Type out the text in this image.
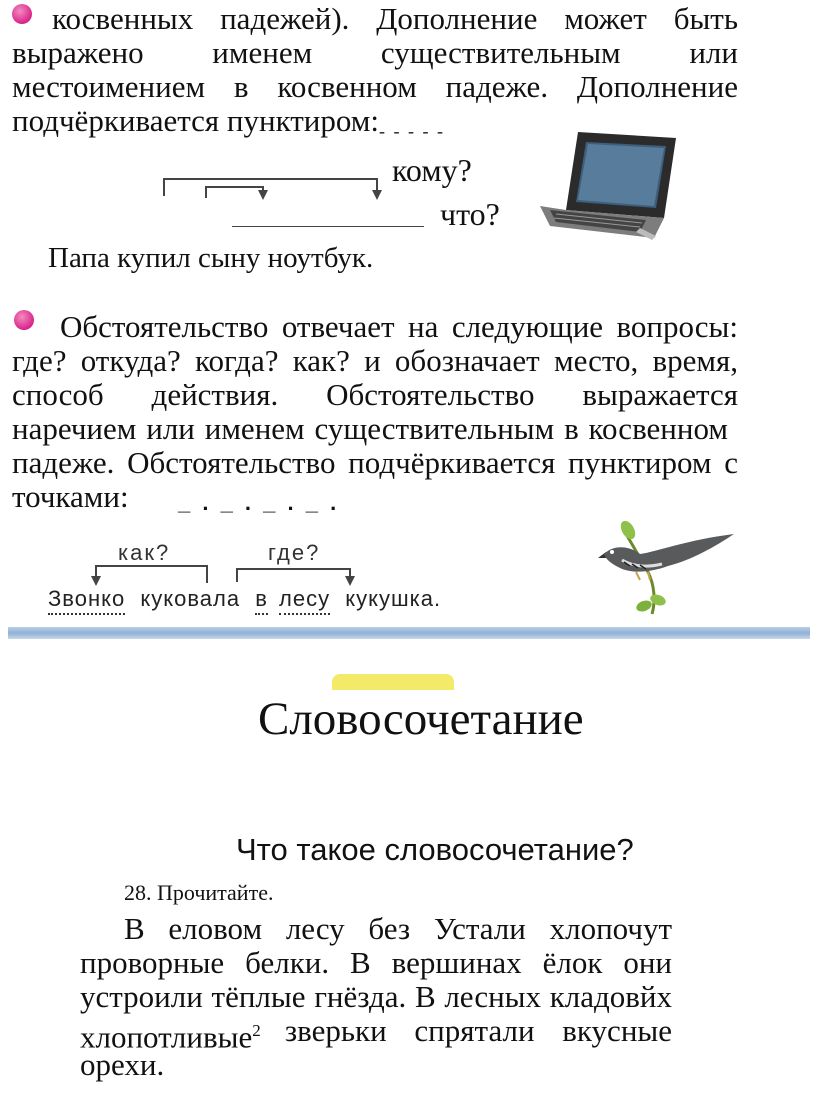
косвенных падежей). Дополнение может быть
выражено именем существительным или
местоимением в косвенном падеже. Дополнение
подчёркивается пунктиром:- - - - -
кому?
что?
Папа купил сыну ноутбук.
Обстоятельство отвечает на следующие вопросы:
где? откуда? когда? как? и обозначает место, время,
способ действия. Обстоятельство выражается
наречием или именем существительным в косвенном
падеже. Обстоятельство подчёркивается пунктиром с
точками: _ . _ . _ . _ .
как?	где?
Звонко куковала в лесу кукушка.
Словосочетание
Что такое словосочетание?
28. Прочитайте.
В еловом лесу без Устали хлопочут
проворные белки. В вершинах ёлок они
устроили тёплые гнёзда. В лесных кладовйх
хлопотливые$^2$ зверьки спрятали вкусные
орехи.
